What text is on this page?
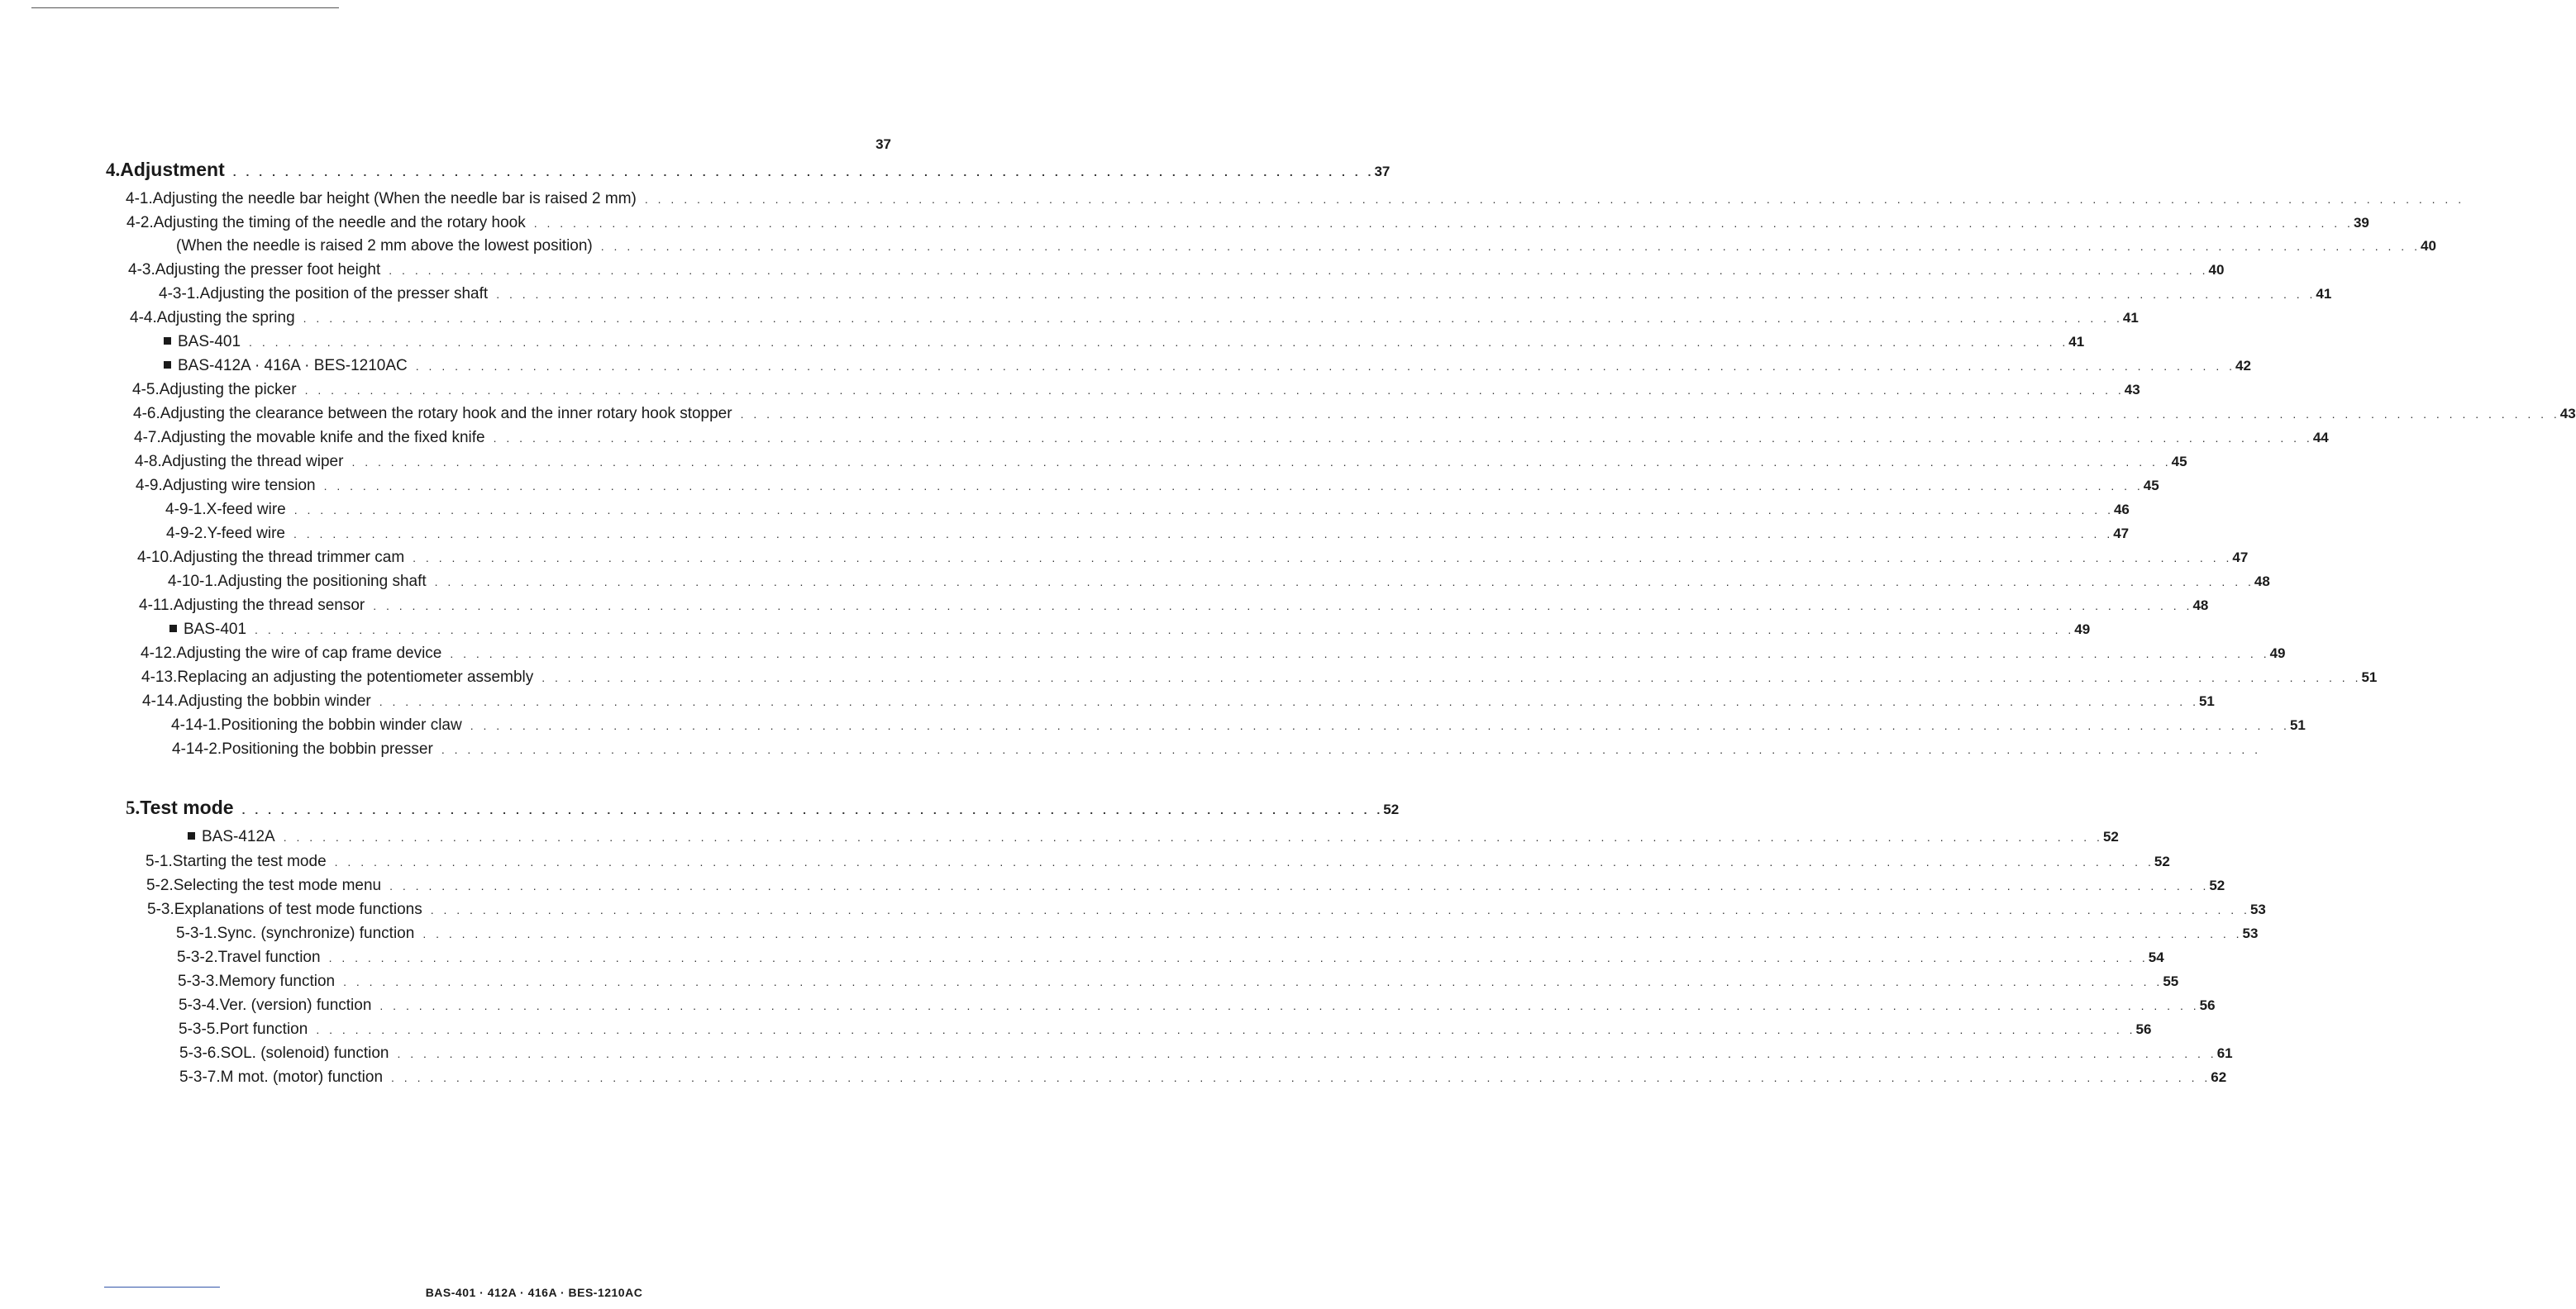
37
4. Adjustment . . . . . . . . . . . . . . . . . . . . . . . . . . . . . . . . . . . . . . . . . . . . . . . . . . . . . . . . . . . . . . . . . . . . . . . . . . . . . . . . . . . . . . . . 37
4-1. Adjusting the needle bar height (When the needle bar is raised 2 mm) . . . . . . . . . . . . . . . . . . . . . . . . . . . . . . . . . . . . . . . . . . . . . . . . . . . . . . . . . . . . . . . . . . . . . . . . . . . . . . . . . . . . . . . . . . . . . . . . . . . . . . . . . . . . . . . . . . . . . . . . . . . . . . . . . . . . . . . . . . . .
4-2. Adjusting the timing of the needle and the rotary hook . . . . . . . . . . . . . . . . . . . . . . . . . . . . . . . . . . . . . . . . . . . . . . . . . . . . . . . . . . . . . . . . . . . . . . . . . . . . . . . . . . . . . . . . . . . . . . . . . . . . . . . . . . . . . . . . . . . . . . . . . . . . . . . . . . . . . . . . . . . . 39
(When the needle is raised 2 mm above the lowest position) . . . . . . . . . . . . . . . . . . . . . . . . . . . . . . . . . . . . . . . . . . . . . . . . . . . . . . . . . . . . . . . . . . . . . . . . . . . . . . . . . . . . . . . . . . . . . . . . . . . . . . . . . . . . . . . . . . . . . . . . . . . . . . . . . . . . . . . . . . . . 40
4-3. Adjusting the presser foot height . . . . . . . . . . . . . . . . . . . . . . . . . . . . . . . . . . . . . . . . . . . . . . . . . . . . . . . . . . . . . . . . . . . . . . . . . . . . . . . . . . . . . . . . . . . . . . . . . . . . . . . . . . . . . . . . . . . . . . . . . . . . . . . . . . . . . . . . . . . . 40
4-3-1. Adjusting the position of the presser shaft . . . . . . . . . . . . . . . . . . . . . . . . . . . . . . . . . . . . . . . . . . . . . . . . . . . . . . . . . . . . . . . . . . . . . . . . . . . . . . . . . . . . . . . . . . . . . . . . . . . . . . . . . . . . . . . . . . . . . . . . . . . . . . . . . . . . . . . . . . . . 41
4-4. Adjusting the spring . . . . . . . . . . . . . . . . . . . . . . . . . . . . . . . . . . . . . . . . . . . . . . . . . . . . . . . . . . . . . . . . . . . . . . . . . . . . . . . . . . . . . . . . . . . . . . . . . . . . . . . . . . . . . . . . . . . . . . . . . . . . . . . . . . . . . . . . . . . . 41
BAS-401 . . . . . . . . . . . . . . . . . . . . . . . . . . . . . . . . . . . . . . . . . . . . . . . . . . . . . . . . . . . . . . . . . . . . . . . . . . . . . . . . . . . . . . . . . . . . . . . . . . . . . . . . . . . . . . . . . . . . . . . . . . . . . . . . . . . . . . . . . . . . 41
BAS-412A · 416A · BES-1210AC . . . . . . . . . . . . . . . . . . . . . . . . . . . . . . . . . . . . . . . . . . . . . . . . . . . . . . . . . . . . . . . . . . . . . . . . . . . . . . . . . . . . . . . . . . . . . . . . . . . . . . . . . . . . . . . . . . . . . . . . . . . . . . . . . . . . . . . . . . . . 42
4-5. Adjusting the picker . . . . . . . . . . . . . . . . . . . . . . . . . . . . . . . . . . . . . . . . . . . . . . . . . . . . . . . . . . . . . . . . . . . . . . . . . . . . . . . . . . . . . . . . . . . . . . . . . . . . . . . . . . . . . . . . . . . . . . . . . . . . . . . . . . . . . . . . . . . . 43
4-6. Adjusting the clearance between the rotary hook and the inner rotary hook stopper . . . . . . . . . . . . . . . . . . . . . . . . . . . . . . . . . . . . . . . . . . . . . . . . . . . . . . . . . . . . . . . . . . . . . . . . . . . . . . . . . . . . . . . . . . . . . . . . . . . . . . . . . . . . . . . . . . . . . . . . . . . . . . . . . . . . . . . . . . . . 43
4-7. Adjusting the movable knife and the fixed knife . . . . . . . . . . . . . . . . . . . . . . . . . . . . . . . . . . . . . . . . . . . . . . . . . . . . . . . . . . . . . . . . . . . . . . . . . . . . . . . . . . . . . . . . . . . . . . . . . . . . . . . . . . . . . . . . . . . . . . . . . . . . . . . . . . . . . . . . . . . . 44
4-8. Adjusting the thread wiper . . . . . . . . . . . . . . . . . . . . . . . . . . . . . . . . . . . . . . . . . . . . . . . . . . . . . . . . . . . . . . . . . . . . . . . . . . . . . . . . . . . . . . . . . . . . . . . . . . . . . . . . . . . . . . . . . . . . . . . . . . . . . . . . . . . . . . . . . . . . 45
4-9. Adjusting wire tension . . . . . . . . . . . . . . . . . . . . . . . . . . . . . . . . . . . . . . . . . . . . . . . . . . . . . . . . . . . . . . . . . . . . . . . . . . . . . . . . . . . . . . . . . . . . . . . . . . . . . . . . . . . . . . . . . . . . . . . . . . . . . . . . . . . . . . . . . . . . 45
4-9-1. X-feed wire . . . . . . . . . . . . . . . . . . . . . . . . . . . . . . . . . . . . . . . . . . . . . . . . . . . . . . . . . . . . . . . . . . . . . . . . . . . . . . . . . . . . . . . . . . . . . . . . . . . . . . . . . . . . . . . . . . . . . . . . . . . . . . . . . . . . . . . . . . . . 46
4-9-2. Y-feed wire . . . . . . . . . . . . . . . . . . . . . . . . . . . . . . . . . . . . . . . . . . . . . . . . . . . . . . . . . . . . . . . . . . . . . . . . . . . . . . . . . . . . . . . . . . . . . . . . . . . . . . . . . . . . . . . . . . . . . . . . . . . . . . . . . . . . . . . . . . . . 47
4-10. Adjusting the thread trimmer cam . . . . . . . . . . . . . . . . . . . . . . . . . . . . . . . . . . . . . . . . . . . . . . . . . . . . . . . . . . . . . . . . . . . . . . . . . . . . . . . . . . . . . . . . . . . . . . . . . . . . . . . . . . . . . . . . . . . . . . . . . . . . . . . . . . . . . . . . . . . . 47
4-10-1. Adjusting the positioning shaft . . . . . . . . . . . . . . . . . . . . . . . . . . . . . . . . . . . . . . . . . . . . . . . . . . . . . . . . . . . . . . . . . . . . . . . . . . . . . . . . . . . . . . . . . . . . . . . . . . . . . . . . . . . . . . . . . . . . . . . . . . . . . . . . . . . . . . . . . . . . 48
4-11. Adjusting the thread sensor . . . . . . . . . . . . . . . . . . . . . . . . . . . . . . . . . . . . . . . . . . . . . . . . . . . . . . . . . . . . . . . . . . . . . . . . . . . . . . . . . . . . . . . . . . . . . . . . . . . . . . . . . . . . . . . . . . . . . . . . . . . . . . . . . . . . . . . . . . . . 48
BAS-401 . . . . . . . . . . . . . . . . . . . . . . . . . . . . . . . . . . . . . . . . . . . . . . . . . . . . . . . . . . . . . . . . . . . . . . . . . . . . . . . . . . . . . . . . . . . . . . . . . . . . . . . . . . . . . . . . . . . . . . . . . . . . . . . . . . . . . . . . . . . . 49
4-12. Adjusting the wire of cap frame device . . . . . . . . . . . . . . . . . . . . . . . . . . . . . . . . . . . . . . . . . . . . . . . . . . . . . . . . . . . . . . . . . . . . . . . . . . . . . . . . . . . . . . . . . . . . . . . . . . . . . . . . . . . . . . . . . . . . . . . . . . . . . . . . . . . . . . . . . . . . 49
4-13. Replacing an adjusting the potentiometer assembly . . . . . . . . . . . . . . . . . . . . . . . . . . . . . . . . . . . . . . . . . . . . . . . . . . . . . . . . . . . . . . . . . . . . . . . . . . . . . . . . . . . . . . . . . . . . . . . . . . . . . . . . . . . . . . . . . . . . . . . . . . . . . . . . . . . . . . . . . . . . 51
4-14. Adjusting the bobbin winder . . . . . . . . . . . . . . . . . . . . . . . . . . . . . . . . . . . . . . . . . . . . . . . . . . . . . . . . . . . . . . . . . . . . . . . . . . . . . . . . . . . . . . . . . . . . . . . . . . . . . . . . . . . . . . . . . . . . . . . . . . . . . . . . . . . . . . . . . . . . 51
4-14-1. Positioning the bobbin winder claw . . . . . . . . . . . . . . . . . . . . . . . . . . . . . . . . . . . . . . . . . . . . . . . . . . . . . . . . . . . . . . . . . . . . . . . . . . . . . . . . . . . . . . . . . . . . . . . . . . . . . . . . . . . . . . . . . . . . . . . . . . . . . . . . . . . . . . . . . . . . 51
4-14-2. Positioning the bobbin presser . . . . . . . . . . . . . . . . . . . . . . . . . . . . . . . . . . . . . . . . . . . . . . . . . . . . . . . . . . . . . . . . . . . . . . . . . . . . . . . . . . . . . . . . . . . . . . . . . . . . . . . . . . . . . . . . . . . . . . . . . . . . . . . . . . . . . . . . . . . .
5. Test mode . . . . . . . . . . . . . . . . . . . . . . . . . . . . . . . . . . . . . . . . . . . . . . . . . . . . . . . . . . . . . . . . . . . . . . . . . . . . . . . . . . . . . . . . 52
BAS-412A . . . . . . . . . . . . . . . . . . . . . . . . . . . . . . . . . . . . . . . . . . . . . . . . . . . . . . . . . . . . . . . . . . . . . . . . . . . . . . . . . . . . . . . . . . . . . . . . . . . . . . . . . . . . . . . . . . . . . . . . . . . . . . . . . . . . . . . . . . . . 52
5-1. Starting the test mode . . . . . . . . . . . . . . . . . . . . . . . . . . . . . . . . . . . . . . . . . . . . . . . . . . . . . . . . . . . . . . . . . . . . . . . . . . . . . . . . . . . . . . . . . . . . . . . . . . . . . . . . . . . . . . . . . . . . . . . . . . . . . . . . . . . . . . . . . . . . 52
5-2. Selecting the test mode menu . . . . . . . . . . . . . . . . . . . . . . . . . . . . . . . . . . . . . . . . . . . . . . . . . . . . . . . . . . . . . . . . . . . . . . . . . . . . . . . . . . . . . . . . . . . . . . . . . . . . . . . . . . . . . . . . . . . . . . . . . . . . . . . . . . . . . . . . . . . . 52
5-3. Explanations of test mode functions . . . . . . . . . . . . . . . . . . . . . . . . . . . . . . . . . . . . . . . . . . . . . . . . . . . . . . . . . . . . . . . . . . . . . . . . . . . . . . . . . . . . . . . . . . . . . . . . . . . . . . . . . . . . . . . . . . . . . . . . . . . . . . . . . . . . . . . . . . . . 53
5-3-1. Sync. (synchronize) function . . . . . . . . . . . . . . . . . . . . . . . . . . . . . . . . . . . . . . . . . . . . . . . . . . . . . . . . . . . . . . . . . . . . . . . . . . . . . . . . . . . . . . . . . . . . . . . . . . . . . . . . . . . . . . . . . . . . . . . . . . . . . . . . . . . . . . . . . . . . 53
5-3-2. Travel function . . . . . . . . . . . . . . . . . . . . . . . . . . . . . . . . . . . . . . . . . . . . . . . . . . . . . . . . . . . . . . . . . . . . . . . . . . . . . . . . . . . . . . . . . . . . . . . . . . . . . . . . . . . . . . . . . . . . . . . . . . . . . . . . . . . . . . . . . . . . 54
5-3-3. Memory function . . . . . . . . . . . . . . . . . . . . . . . . . . . . . . . . . . . . . . . . . . . . . . . . . . . . . . . . . . . . . . . . . . . . . . . . . . . . . . . . . . . . . . . . . . . . . . . . . . . . . . . . . . . . . . . . . . . . . . . . . . . . . . . . . . . . . . . . . . . . 55
5-3-4. Ver. (version) function . . . . . . . . . . . . . . . . . . . . . . . . . . . . . . . . . . . . . . . . . . . . . . . . . . . . . . . . . . . . . . . . . . . . . . . . . . . . . . . . . . . . . . . . . . . . . . . . . . . . . . . . . . . . . . . . . . . . . . . . . . . . . . . . . . . . . . . . . . . . 56
5-3-5. Port function . . . . . . . . . . . . . . . . . . . . . . . . . . . . . . . . . . . . . . . . . . . . . . . . . . . . . . . . . . . . . . . . . . . . . . . . . . . . . . . . . . . . . . . . . . . . . . . . . . . . . . . . . . . . . . . . . . . . . . . . . . . . . . . . . . . . . . . . . . . . 56
5-3-6. SOL. (solenoid) function . . . . . . . . . . . . . . . . . . . . . . . . . . . . . . . . . . . . . . . . . . . . . . . . . . . . . . . . . . . . . . . . . . . . . . . . . . . . . . . . . . . . . . . . . . . . . . . . . . . . . . . . . . . . . . . . . . . . . . . . . . . . . . . . . . . . . . . . . . . . 61
5-3-7. M mot. (motor) function . . . . . . . . . . . . . . . . . . . . . . . . . . . . . . . . . . . . . . . . . . . . . . . . . . . . . . . . . . . . . . . . . . . . . . . . . . . . . . . . . . . . . . . . . . . . . . . . . . . . . . . . . . . . . . . . . . . . . . . . . . . . . . . . . . . . . . . . . . . . 62
BAS-401 · 412A · 416A · BES-1210AC
